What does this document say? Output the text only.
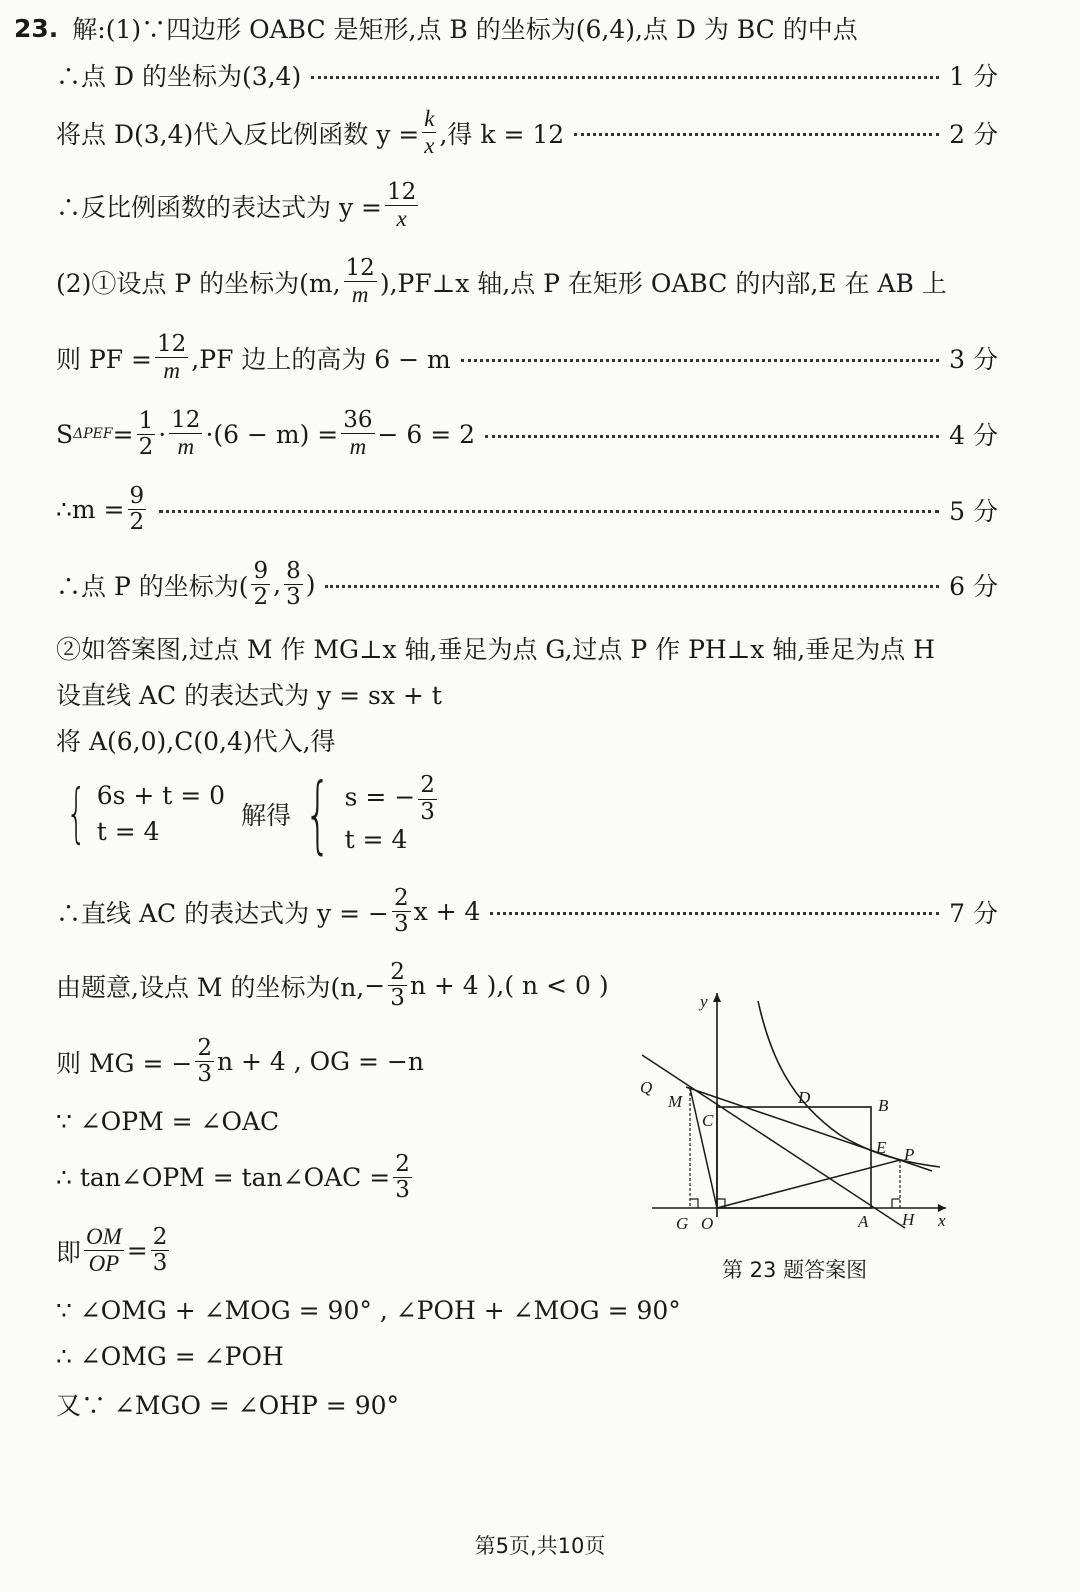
23. 解:(1)∵四边形 OABC 是矩形,点 B 的坐标为(6,4),点 D 为 BC 的中点
∴点 D 的坐标为(3,4)	1 分
将点 D(3,4)代入反比例函数 $y = \frac{k}{x}$ ,得 k = 12	2 分
∴反比例函数的表达式为 $y = \frac{12}{x}$
(2)①设点 P 的坐标为(m, $\frac{12}{m}$ ),PF⊥x 轴,点 P 在矩形 OABC 的内部,E 在 AB 上
则 PF = $\frac{12}{m} ,PF$ 边上的高为 6 − m	3 分
S $\Delta PEF = \frac{1}{2} \cdot \frac{12}{m} \cdot(6 - m) = \frac{36}{m} - 6 = 2$	4 分
∴m = $\frac{9}{2}$	5 分
∴点 P 的坐标为( $\frac{9}{2}$ , $\frac{8}{3}$ )	6 分
②如答案图,过点 M 作 MG⊥x 轴,垂足为点 G,过点 P 作 PH⊥x 轴,垂足为点 H
设直线 AC 的表达式为 y = sx + t
将 A(6,0),C(0,4)代入,得
{ 6s + t = 0
t = 4
解得 { s = − $\frac{2}{3}$
t = 4
∴直线 AC 的表达式为 y = − $\frac{2}{3}$ x + 4	7 分
由题意,设点 M 的坐标为(n, − $\frac{2}{3}$ n + 4 ),( n < 0 )
则 MG = − $\frac{2}{3}$ n + 4 , OG = −n
∵ ∠OPM = ∠OAC
∴ tan∠OPM = tan∠OAC = $\frac{2}{3}$
即 $\frac{OM}{OP} = \frac{2}{3}$
∵ ∠OMG + ∠MOG = 90° , ∠POH + ∠MOG = 90°
∴ ∠OMG = ∠POH
又∵ ∠MGO = ∠OHP = 90°
y
x
Q
M
C
D	B
E P
G O	A H
第 23 题答案图
第5页,共10页
